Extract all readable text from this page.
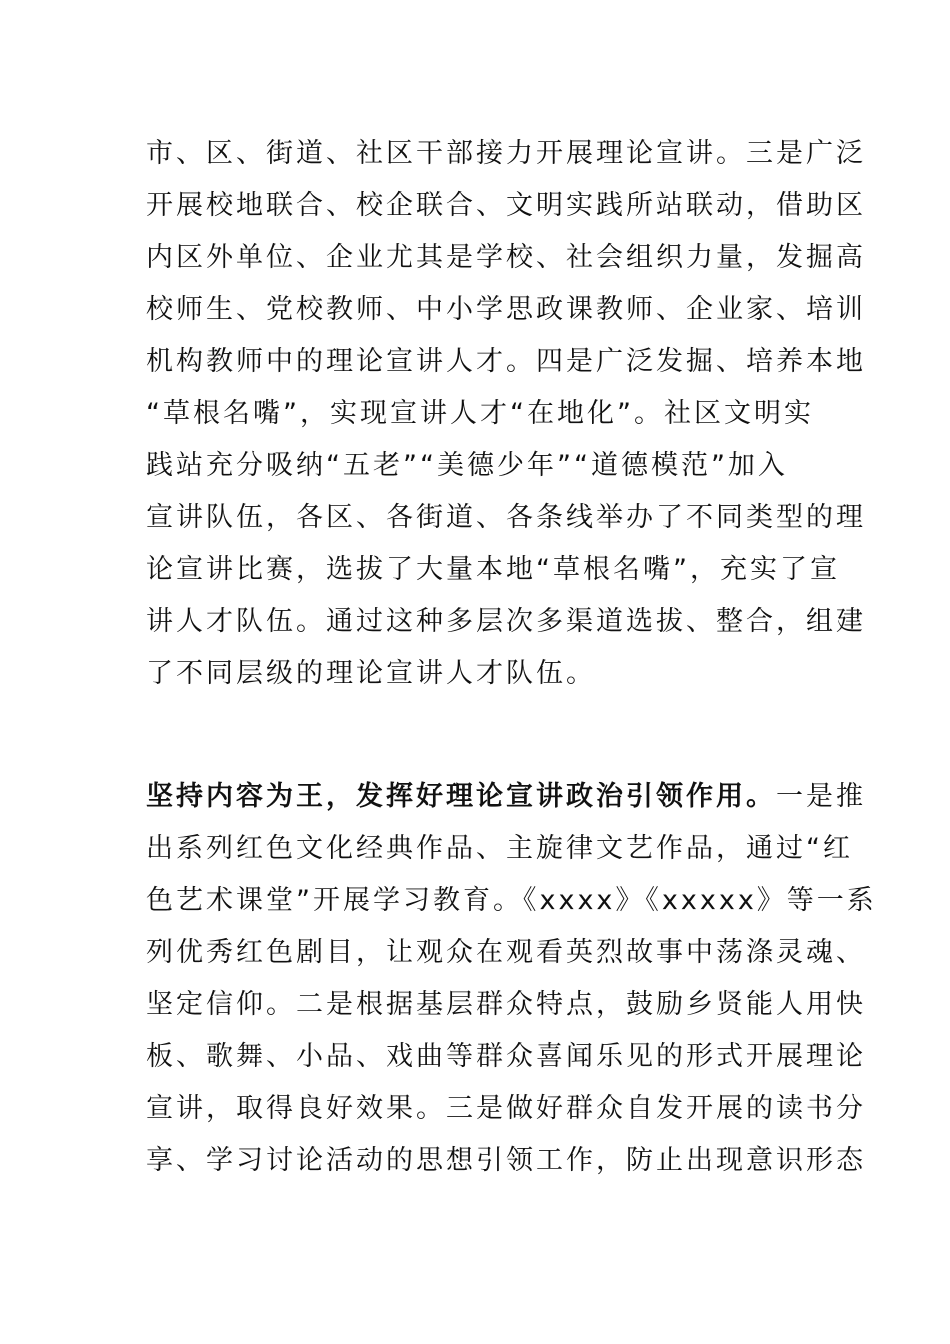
市、区、街道、社区干部接力开展理论宣讲。三是广泛
开展校地联合、校企联合、文明实践所站联动，借助区
内区外单位、企业尤其是学校、社会组织力量，发掘高
校师生、党校教师、中小学思政课教师、企业家、培训
机构教师中的理论宣讲人才。四是广泛发掘、培养本地
“草根名嘴”，实现宣讲人才“在地化”。社区文明实
践站充分吸纳“五老”“美德少年”“道德模范”加入
宣讲队伍，各区、各街道、各条线举办了不同类型的理
论宣讲比赛，选拔了大量本地“草根名嘴”，充实了宣
讲人才队伍。通过这种多层次多渠道选拔、整合，组建
了不同层级的理论宣讲人才队伍。
坚持内容为王，发挥好理论宣讲政治引领作用。 一是推
出系列红色文化经典作品、主旋律文艺作品，通过“红
色艺术课堂”开展学习教育。《xxxx》《xxxxx》等一系
列优秀红色剧目，让观众在观看英烈故事中荡涤灵魂、
坚定信仰。二是根据基层群众特点，鼓励乡贤能人用快
板、歌舞、小品、戏曲等群众喜闻乐见的形式开展理论
宣讲，取得良好效果。三是做好群众自发开展的读书分
享、学习讨论活动的思想引领工作，防止出现意识形态
